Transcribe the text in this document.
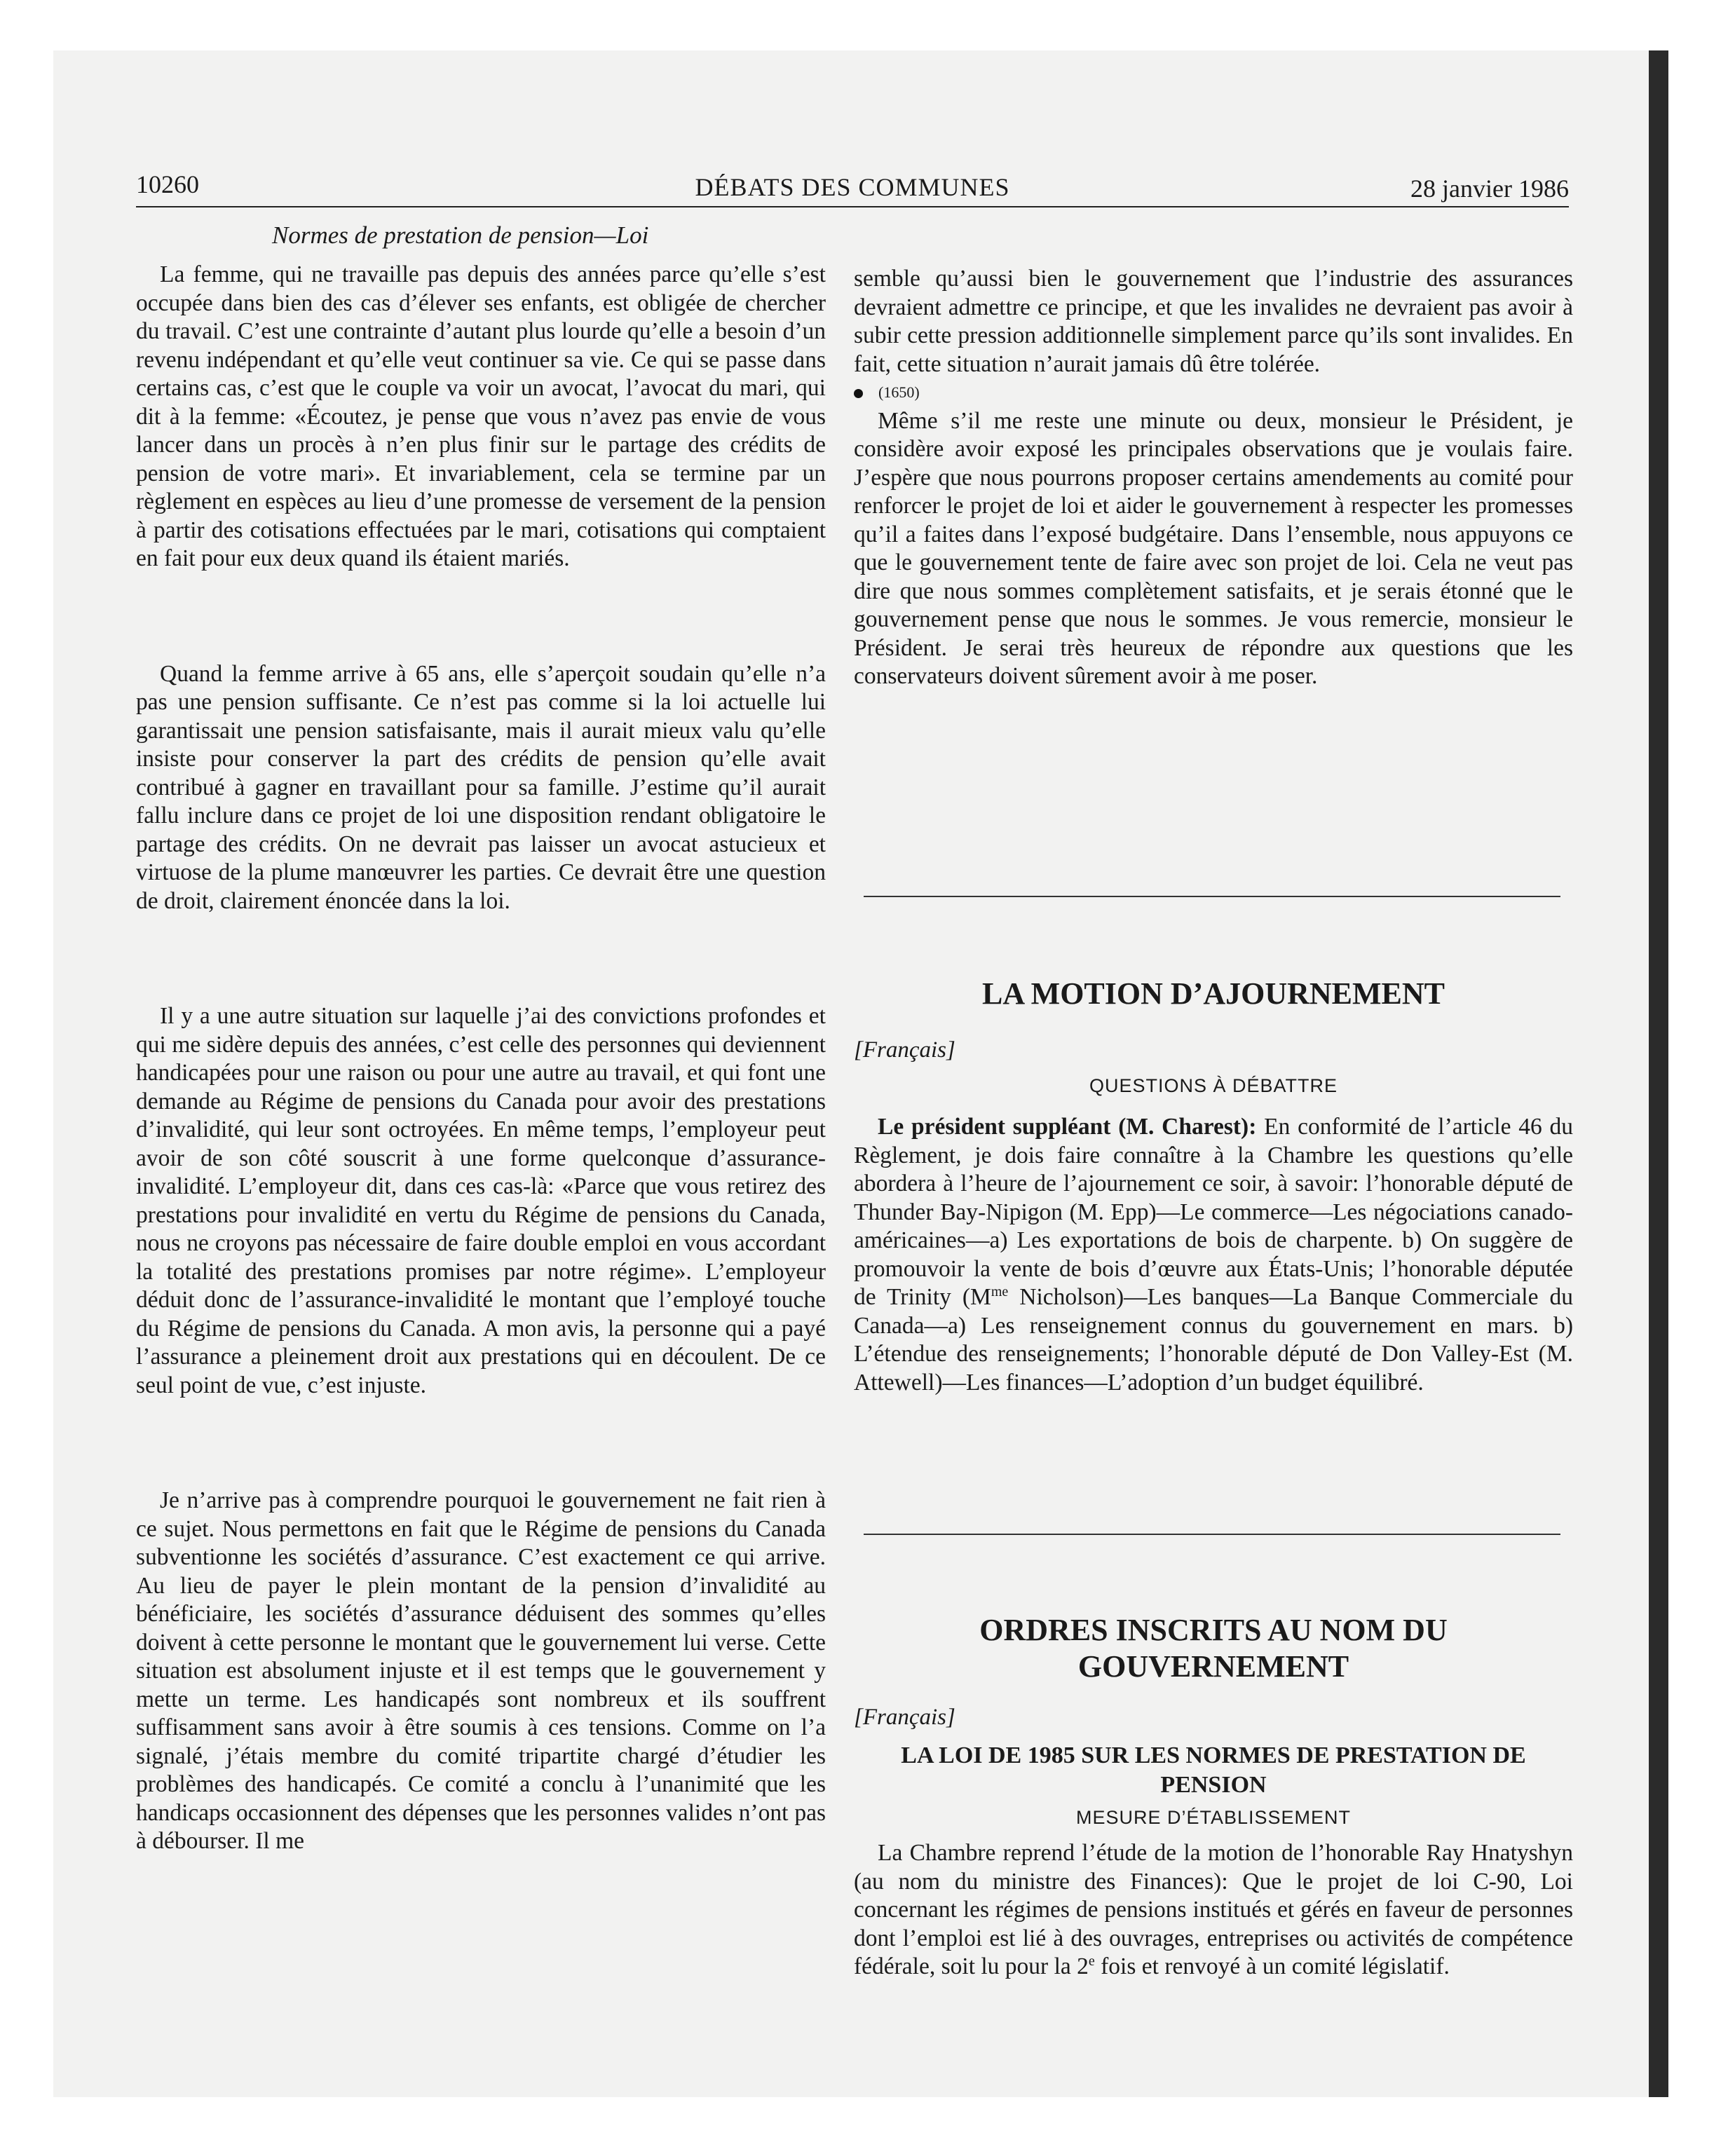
10260	DÉBATS DES COMMUNES	28 janvier 1986
Normes de prestation de pension—Loi

La femme, qui ne travaille pas depuis des années parce qu’elle s’est occupée dans bien des cas d’élever ses enfants, est obligée de chercher du travail. C’est une contrainte d’autant plus lourde qu’elle a besoin d’un revenu indépendant et qu’elle veut continuer sa vie. Ce qui se passe dans certains cas, c’est que le couple va voir un avocat, l’avocat du mari, qui dit à la femme: «Écoutez, je pense que vous n’avez pas envie de vous lancer dans un procès à n’en plus finir sur le partage des crédits de pension de votre mari». Et invariablement, cela se termine par un règlement en espèces au lieu d’une promesse de versement de la pension à partir des cotisations effectuées par le mari, cotisations qui comptaient en fait pour eux deux quand ils étaient mariés.

Quand la femme arrive à 65 ans, elle s’aperçoit soudain qu’elle n’a pas une pension suffisante. Ce n’est pas comme si la loi actuelle lui garantissait une pension satisfaisante, mais il aurait mieux valu qu’elle insiste pour conserver la part des crédits de pension qu’elle avait contribué à gagner en travaillant pour sa famille. J’estime qu’il aurait fallu inclure dans ce projet de loi une disposition rendant obligatoire le partage des crédits. On ne devrait pas laisser un avocat astucieux et virtuose de la plume manœuvrer les parties. Ce devrait être une question de droit, clairement énoncée dans la loi.

Il y a une autre situation sur laquelle j’ai des convictions profondes et qui me sidère depuis des années, c’est celle des personnes qui deviennent handicapées pour une raison ou pour une autre au travail, et qui font une demande au Régime de pensions du Canada pour avoir des prestations d’invalidité, qui leur sont octroyées. En même temps, l’employeur peut avoir de son côté souscrit à une forme quelconque d’assurance-invalidité. L’employeur dit, dans ces cas-là: «Parce que vous retirez des prestations pour invalidité en vertu du Régime de pensions du Canada, nous ne croyons pas nécessaire de faire double emploi en vous accordant la totalité des prestations promises par notre régime». L’employeur déduit donc de l’assurance-invalidité le montant que l’employé touche du Régime de pensions du Canada. A mon avis, la personne qui a payé l’assurance a pleinement droit aux prestations qui en découlent. De ce seul point de vue, c’est injuste.

Je n’arrive pas à comprendre pourquoi le gouvernement ne fait rien à ce sujet. Nous permettons en fait que le Régime de pensions du Canada subventionne les sociétés d’assurance. C’est exactement ce qui arrive. Au lieu de payer le plein montant de la pension d’invalidité au bénéficiaire, les sociétés d’assurance déduisent des sommes qu’elles doivent à cette personne le montant que le gouvernement lui verse. Cette situation est absolument injuste et il est temps que le gouvernement y mette un terme. Les handicapés sont nombreux et ils souffrent suffisamment sans avoir à être soumis à ces tensions. Comme on l’a signalé, j’étais membre du comité tripartite chargé d’étudier les problèmes des handicapés. Ce comité a conclu à l’unanimité que les handicaps occasionnent des dépenses que les personnes valides n’ont pas à débourser. Il me

semble qu’aussi bien le gouvernement que l’industrie des assurances devraient admettre ce principe, et que les invalides ne devraient pas avoir à subir cette pression additionnelle simplement parce qu’ils sont invalides. En fait, cette situation n’aurait jamais dû être tolérée.

(1650)

Même s’il me reste une minute ou deux, monsieur le Président, je considère avoir exposé les principales observations que je voulais faire. J’espère que nous pourrons proposer certains amendements au comité pour renforcer le projet de loi et aider le gouvernement à respecter les promesses qu’il a faites dans l’exposé budgétaire. Dans l’ensemble, nous appuyons ce que le gouvernement tente de faire avec son projet de loi. Cela ne veut pas dire que nous sommes complètement satisfaits, et je serais étonné que le gouvernement pense que nous le sommes. Je vous remercie, monsieur le Président. Je serai très heureux de répondre aux questions que les conservateurs doivent sûrement avoir à me poser.

LA MOTION D’AJOURNEMENT
[Français]
QUESTIONS À DÉBATTRE

Le président suppléant (M. Charest): En conformité de l’article 46 du Règlement, je dois faire connaître à la Chambre les questions qu’elle abordera à l’heure de l’ajournement ce soir, à savoir: l’honorable député de Thunder Bay-Nipigon (M. Epp)—Le commerce—Les négociations canado-américaines—a) Les exportations de bois de charpente. b) On suggère de promouvoir la vente de bois d’œuvre aux États-Unis; l’honorable députée de Trinity ($M^{me}$ Nicholson)—Les banques—La Banque Commerciale du Canada—a) Les renseignement connus du gouvernement en mars. b) L’étendue des renseignements; l’honorable député de Don Valley-Est (M. Attewell)—Les finances—L’adoption d’un budget équilibré.

ORDRES INSCRITS AU NOM DU GOUVERNEMENT
[Français]
LA LOI DE 1985 SUR LES NORMES DE PRESTATION DE PENSION
MESURE D’ÉTABLISSEMENT

La Chambre reprend l’étude de la motion de l’honorable Ray Hnatyshyn (au nom du ministre des Finances): Que le projet de loi C-90, Loi concernant les régimes de pensions institués et gérés en faveur de personnes dont l’emploi est lié à des ouvrages, entreprises ou activités de compétence fédérale, soit lu pour la 2e fois et renvoyé à un comité législatif.
